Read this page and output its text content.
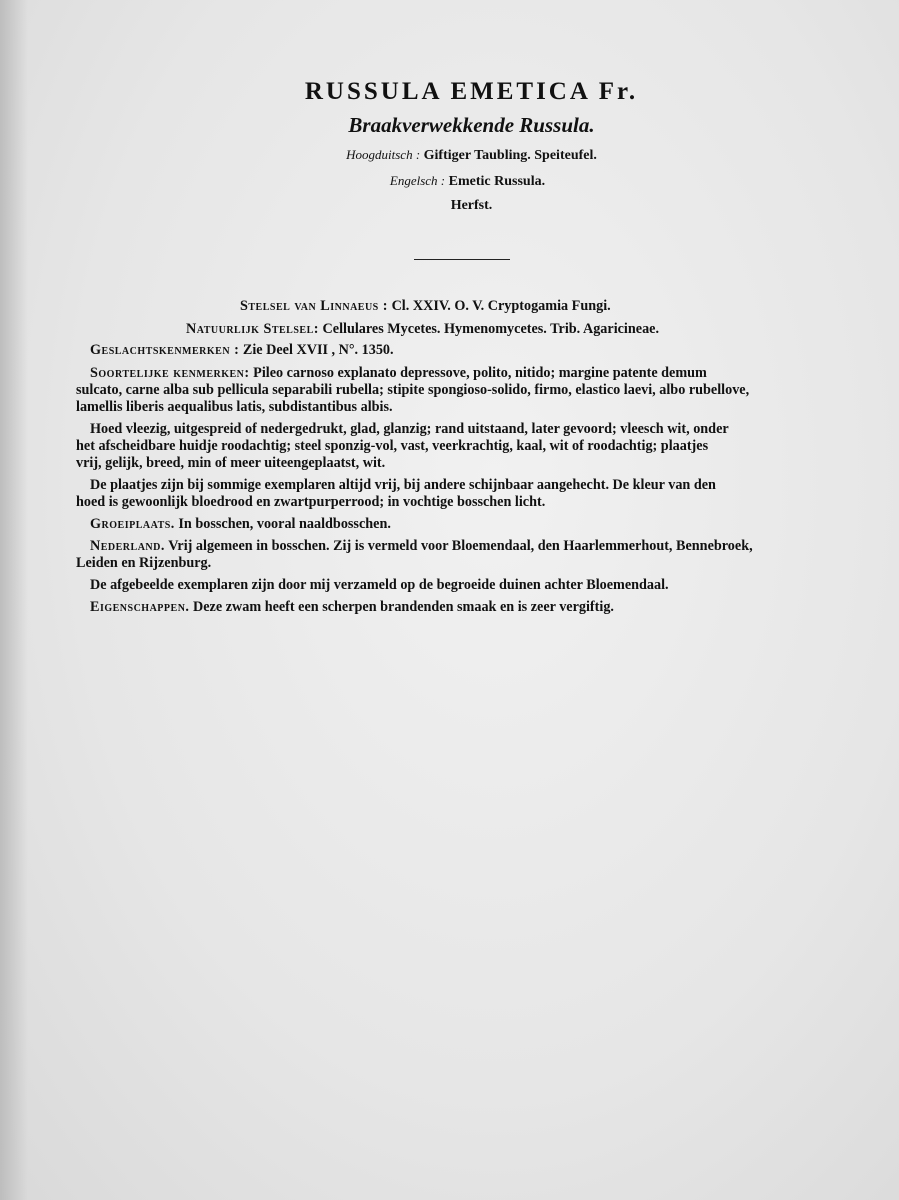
RUSSULA EMETICA Fr.
Braakverwekkende Russula.
Hoogduitsch : Giftiger Taubling. Speiteufel.
Engelsch : Emetic Russula.
Herfst.
Stelsel van Linnaeus : Cl. XXIV. O. V. Cryptogamia Fungi.
Natuurlijk Stelsel: Cellulares Mycetes. Hymenomycetes. Trib. Agaricineae.
Geslachtskenmerken : Zie Deel XVII , N°. 1350.
Soortelijke kenmerken: Pileo carnoso explanato depressove, polito, nitido; margine patente demum
sulcato, carne alba sub pellicula separabili rubella; stipite spongioso-solido, firmo, elastico laevi, albo rubellove,
lamellis liberis aequalibus latis, subdistantibus albis.
Hoed vleezig, uitgespreid of nedergedrukt, glad, glanzig; rand uitstaand, later gevoord; vleesch wit, onder
het afscheidbare huidje roodachtig; steel sponzig-vol, vast, veerkrachtig, kaal, wit of roodachtig; plaatjes
vrij, gelijk, breed, min of meer uiteengeplaatst, wit.
De plaatjes zijn bij sommige exemplaren altijd vrij, bij andere schijnbaar aangehecht. De kleur van den
hoed is gewoonlijk bloedrood en zwartpurperrood; in vochtige bosschen licht.
Groeiplaats. In bosschen, vooral naaldbosschen.
Nederland. Vrij algemeen in bosschen. Zij is vermeld voor Bloemendaal, den Haarlemmerhout, Bennebroek,
Leiden en Rijzenburg.
De afgebeelde exemplaren zijn door mij verzameld op de begroeide duinen achter Bloemendaal.
Eigenschappen. Deze zwam heeft een scherpen brandenden smaak en is zeer vergiftig.
